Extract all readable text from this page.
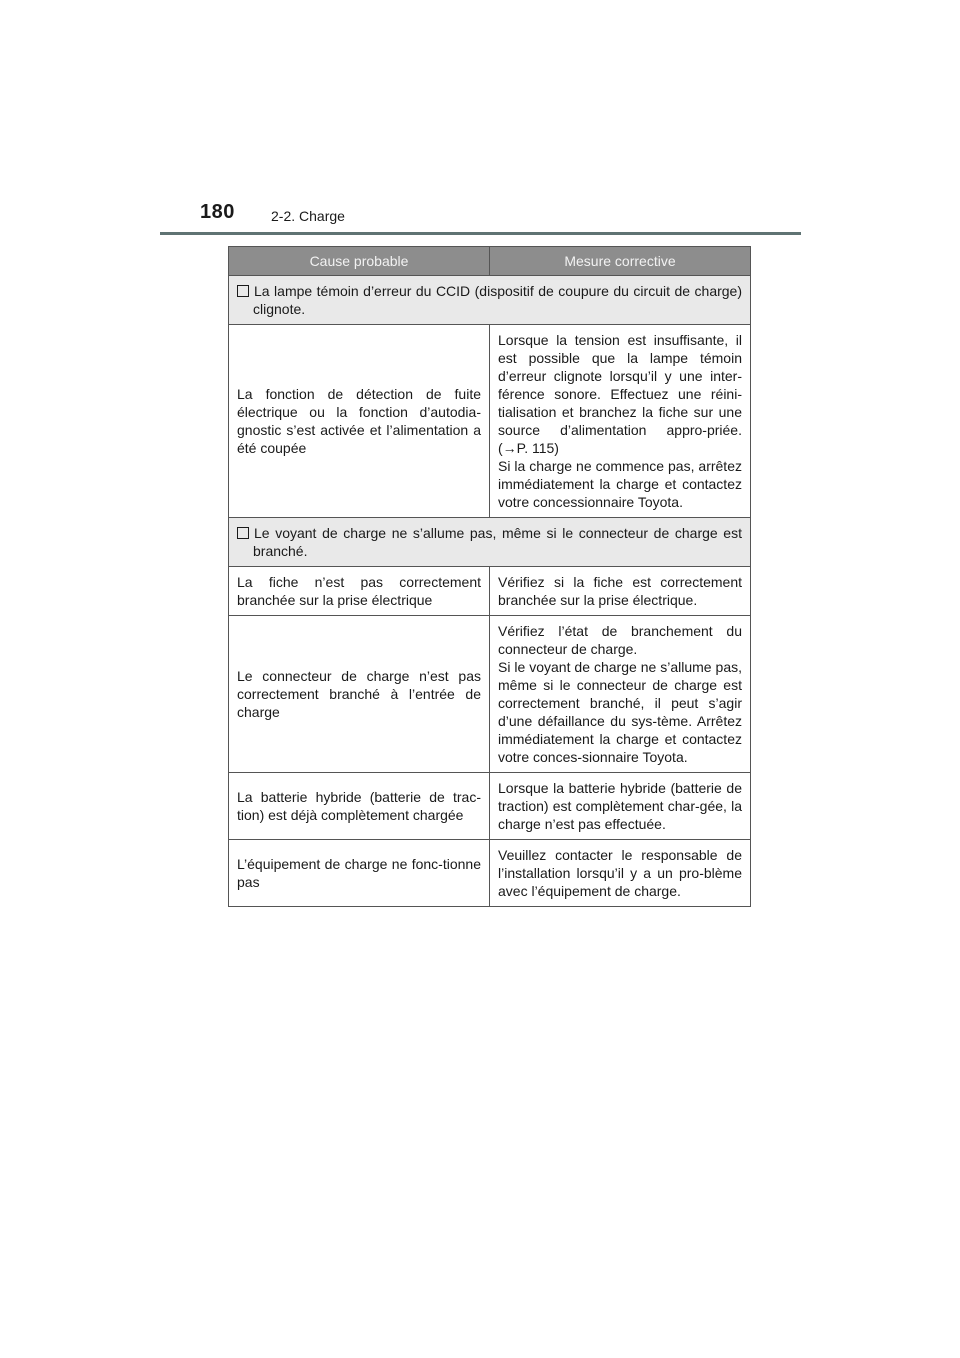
180	2-2. Charge
Cause probable	Mesure corrective

La lampe témoin d’erreur du CCID (dispositif de coupure du circuit de charge) clignote.	

La fonction de détection de fuite électrique ou la fonction d’autodia-gnostic s’est activée et l’alimentation a été coupée	Lorsque la tension est insuffisante, il est possible que la lampe témoin d’erreur clignote lorsqu’il y une inter-férence sonore. Effectuez une réini-tialisation et branchez la fiche sur une source d’alimentation appro-priée. (→P. 115)
Si la charge ne commence pas, arrêtez immédiatement la charge et contactez votre concessionnaire Toyota.

Le voyant de charge ne s’allume pas, même si le connecteur de charge est branché.	

La fiche n’est pas correctement branchée sur la prise électrique	Vérifiez si la fiche est correctement branchée sur la prise électrique.
Le connecteur de charge n’est pas correctement branché à l’entrée de charge	Vérifiez l’état de branchement du connecteur de charge.
Si le voyant de charge ne s’allume pas, même si le connecteur de charge est correctement branché, il peut s’agir d’une défaillance du sys-tème. Arrêtez immédiatement la charge et contactez votre conces-sionnaire Toyota.

La batterie hybride (batterie de trac-tion) est déjà complètement chargée	Lorsque la batterie hybride (batterie de traction) est complètement char-gée, la charge n’est pas effectuée.
L’équipement de charge ne fonc-tionne pas	Veuillez contacter le responsable de l’installation lorsqu’il y a un pro-blème avec l’équipement de charge.
